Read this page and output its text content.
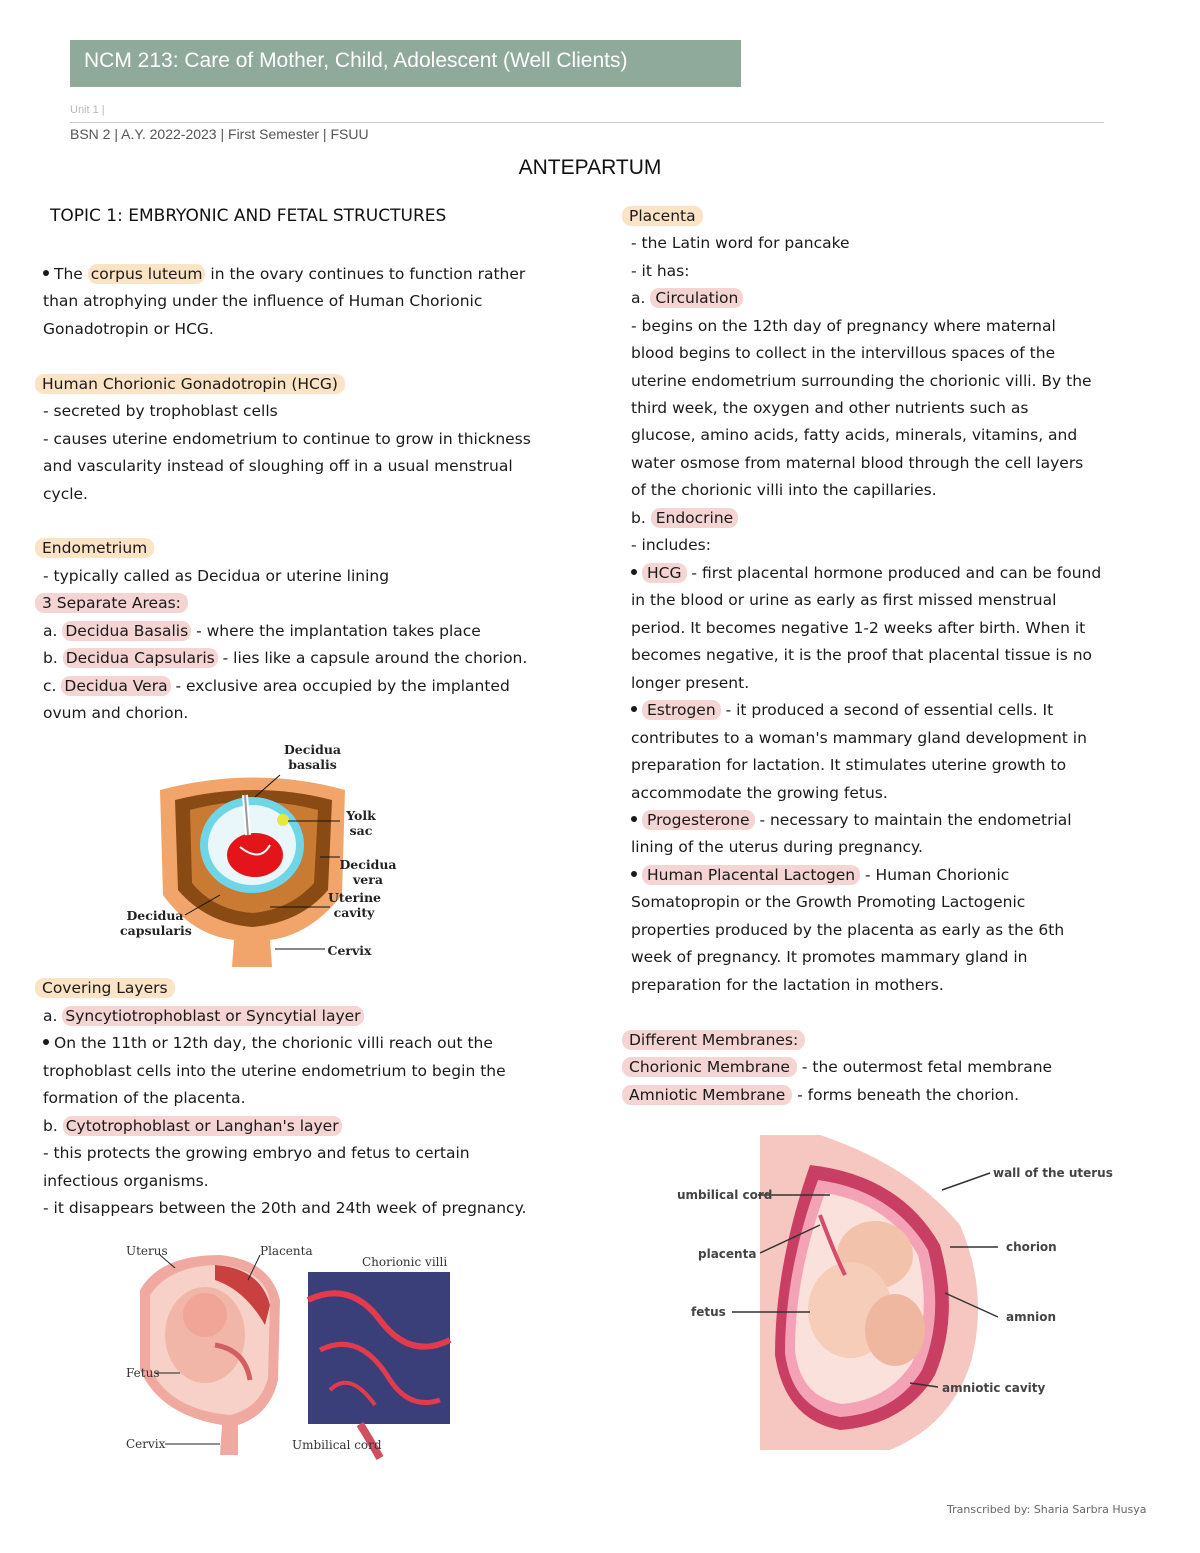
NCM 213: Care of Mother, Child, Adolescent (Well Clients)
Unit 1 |
BSN 2 | A.Y. 2022-2023 | First Semester | FSUU
ANTEPARTUM
TOPIC 1: EMBRYONIC AND FETAL STRUCTURES
The corpus luteum in the ovary continues to function rather
than atrophying under the influence of Human Chorionic
Gonadotropin or HCG.
Human Chorionic Gonadotropin (HCG)
- secreted by trophoblast cells
- causes uterine endometrium to continue to grow in thickness
and vascularity instead of sloughing off in a usual menstrual
cycle.
Endometrium
- typically called as Decidua or uterine lining
3 Separate Areas:
a. Decidua Basalis - where the implantation takes place
b. Decidua Capsularis - lies like a capsule around the chorion.
c. Decidua Vera - exclusive area occupied by the implanted
ovum and chorion.
Decidua basalis
Yolk sac
Decidua vera
Uterine cavity
Decidua capsularis
Cervix
Covering Layers
a. Syncytiotrophoblast or Syncytial layer
On the 11th or 12th day, the chorionic villi reach out the
trophoblast cells into the uterine endometrium to begin the
formation of the placenta.
b. Cytotrophoblast or Langhan's layer
- this protects the growing embryo and fetus to certain
infectious organisms.
- it disappears between the 20th and 24th week of pregnancy.
Uterus	Placenta
Chorionic villi
Fetus
Cervix	Umbilical cord
Placenta
- the Latin word for pancake
- it has:
a. Circulation
- begins on the 12th day of pregnancy where maternal
blood begins to collect in the intervillous spaces of the
uterine endometrium surrounding the chorionic villi. By the
third week, the oxygen and other nutrients such as
glucose, amino acids, fatty acids, minerals, vitamins, and
water osmose from maternal blood through the cell layers
of the chorionic villi into the capillaries.
b. Endocrine
- includes:
HCG - first placental hormone produced and can be found
in the blood or urine as early as first missed menstrual
period. It becomes negative 1-2 weeks after birth. When it
becomes negative, it is the proof that placental tissue is no
longer present.
Estrogen - it produced a second of essential cells. It
contributes to a woman's mammary gland development in
preparation for lactation. It stimulates uterine growth to
accommodate the growing fetus.
Progesterone - necessary to maintain the endometrial
lining of the uterus during pregnancy.
Human Placental Lactogen - Human Chorionic
Somatopropin or the Growth Promoting Lactogenic
properties produced by the placenta as early as the 6th
week of pregnancy. It promotes mammary gland in
preparation for the lactation in mothers.
Different Membranes:
Chorionic Membrane - the outermost fetal membrane
Amniotic Membrane - forms beneath the chorion.
wall of the uterus
umbilical cord
chorion
placenta
fetus	amnion
amniotic cavity
Transcribed by: Sharia Sarbra Husya
